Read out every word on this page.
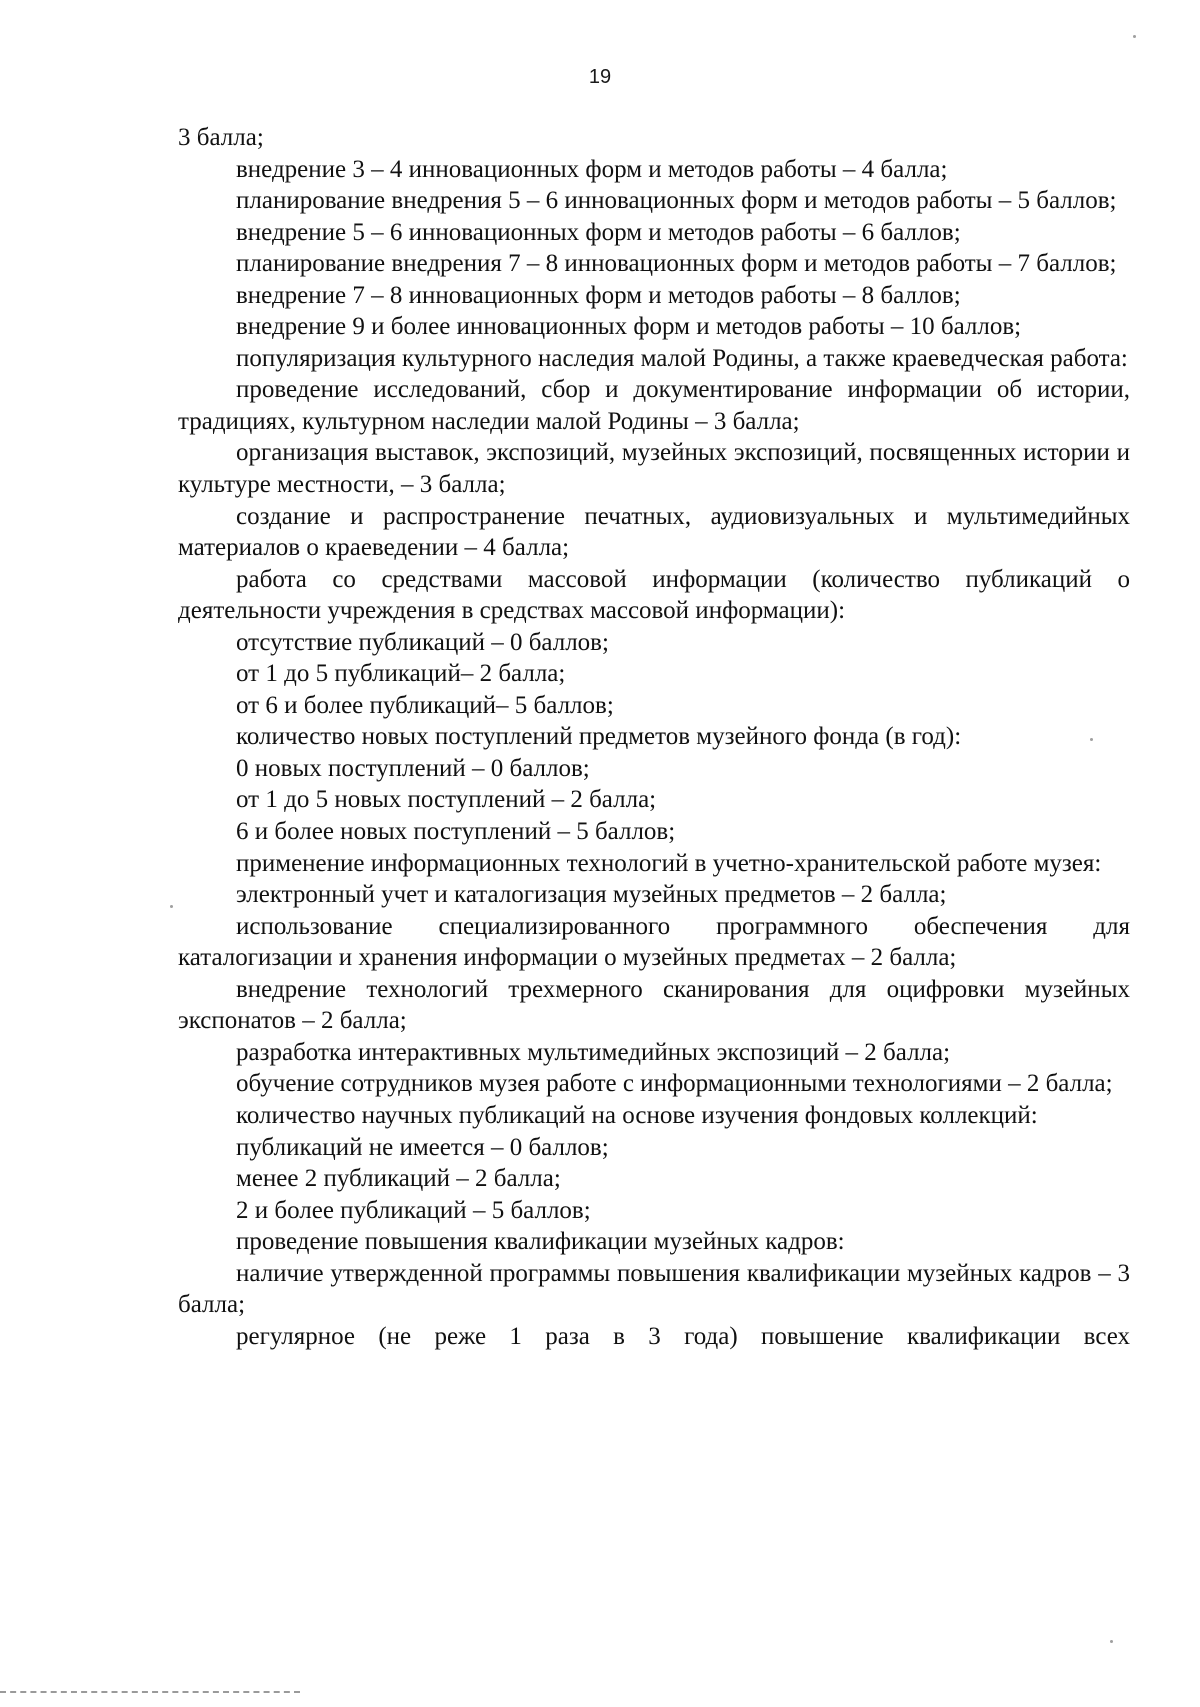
19

3 балла;

внедрение 3 – 4 инновационных форм и методов работы – 4 балла;

планирование внедрения 5 – 6 инновационных форм и методов работы – 5 баллов;

внедрение 5 – 6 инновационных форм и методов работы – 6 баллов;

планирование внедрения 7 – 8 инновационных форм и методов работы – 7 баллов;

внедрение 7 – 8 инновационных форм и методов работы – 8 баллов;

внедрение 9 и более инновационных форм и методов работы – 10 баллов;

популяризация культурного наследия малой Родины, а также краеведческая работа:

проведение исследований, сбор и документирование информации об истории, традициях, культурном наследии малой Родины – 3 балла;

организация выставок, экспозиций, музейных экспозиций, посвященных истории и культуре местности, – 3 балла;

создание и распространение печатных, аудиовизуальных и мультимедийных материалов о краеведении – 4 балла;

работа со средствами массовой информации (количество публикаций о деятельности учреждения в средствах массовой информации):

отсутствие публикаций – 0 баллов;

от 1 до 5 публикаций– 2 балла;

от 6 и более публикаций– 5 баллов;

количество новых поступлений предметов музейного фонда (в год):

0 новых поступлений – 0 баллов;

от 1 до 5 новых поступлений – 2 балла;

6 и более новых поступлений – 5 баллов;

применение информационных технологий в учетно-хранительской работе музея:

электронный учет и каталогизация музейных предметов – 2 балла;

использование специализированного программного обеспечения для каталогизации и хранения информации о музейных предметах – 2 балла;

внедрение технологий трехмерного сканирования для оцифровки музейных экспонатов – 2 балла;

разработка интерактивных мультимедийных экспозиций – 2 балла;

обучение сотрудников музея работе с информационными технологиями – 2 балла;

количество научных публикаций на основе изучения фондовых коллекций:

публикаций не имеется – 0 баллов;

менее 2 публикаций – 2 балла;

2 и более публикаций – 5 баллов;

проведение повышения квалификации музейных кадров:

наличие утвержденной программы повышения квалификации музейных кадров – 3 балла;

регулярное (не реже 1 раза в 3 года) повышение квалификации всех
